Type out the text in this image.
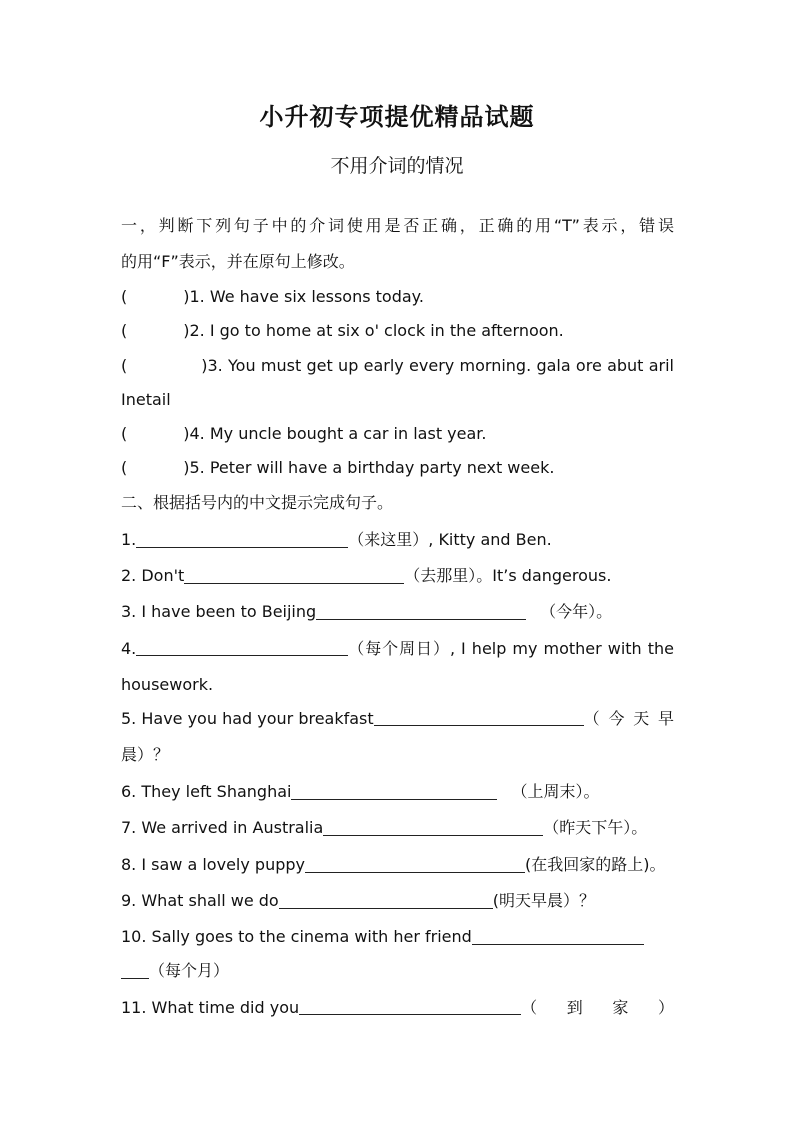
小升初专项提优精品试题
不用介词的情况
一，判断下列句子中的介词使用是否正确，正确的用“T”表示，错误
的用“F”表示，并在原句上修改。
(	)1. We have six lessons today.
(	)2. I go to home at six o' clock in the afternoon.
(	)3. You must get up early every morning. gala ore abut aril
Inetail
(	)4. My uncle bought a car in last year.
(	)5. Peter will have a birthday party next week.
二、根据括号内的中文提示完成句子。
1.	（来这里）, Kitty and Ben.
2. Don't	（去那里）。It’s dangerous.
3. I have been to Beijing	（今年）。
4.	（每个周日）, I help my mother with the
housework.
5. Have you had your breakfast	（ 今 天 早
晨）？
6. They left Shanghai	（上周末）。
7. We arrived in Australia	（昨天下午）。
8. I saw a lovely puppy	(在我回家的路上)。
9. What shall we do	(明天早晨）？
10. Sally goes to the cinema with her friend
（每个月）
11. What time did you	（ 到 家 ）
